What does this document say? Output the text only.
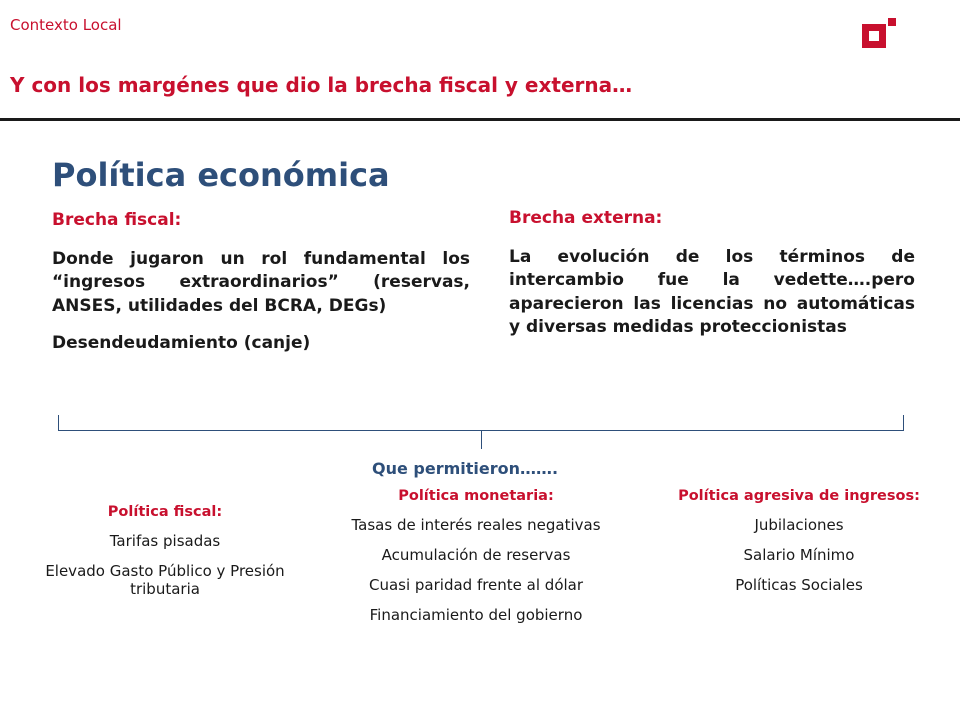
Contexto Local
Y con los margénes que dio la brecha fiscal y externa…
Política económica
Brecha fiscal:
Donde jugaron un rol fundamental los “ingresos extraordinarios” (reservas, ANSES, utilidades del BCRA, DEGs)
Desendeudamiento (canje)
Brecha externa:
La evolución de los términos de intercambio fue la vedette….pero aparecieron las licencias no automáticas y diversas medidas proteccionistas
Que permitieron…….
Política fiscal:
Tarifas pisadas
Elevado Gasto Público y Presión tributaria
Política monetaria:
Tasas de interés reales negativas
Acumulación de reservas
Cuasi paridad frente al dólar
Financiamiento del gobierno
Política agresiva de ingresos:
Jubilaciones
Salario Mínimo
Políticas Sociales
